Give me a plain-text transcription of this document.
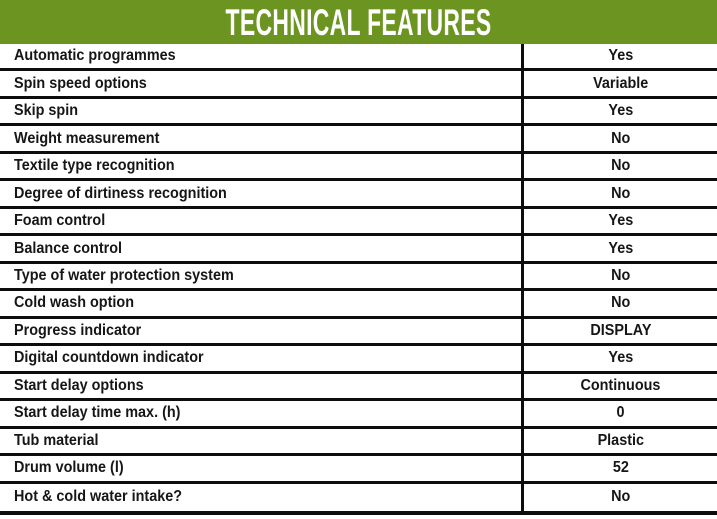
TECHNICAL FEATURES
Automatic programmes	Yes
Spin speed options	Variable
Skip spin	Yes
Weight measurement	No
Textile type recognition	No
Degree of dirtiness recognition	No
Foam control	Yes
Balance control	Yes
Type of water protection system	No
Cold wash option	No
Progress indicator	DISPLAY
Digital countdown indicator	Yes
Start delay options	Continuous
Start delay time max. (h)	0
Tub material	Plastic
Drum volume (l)	52
Hot & cold water intake?	No
